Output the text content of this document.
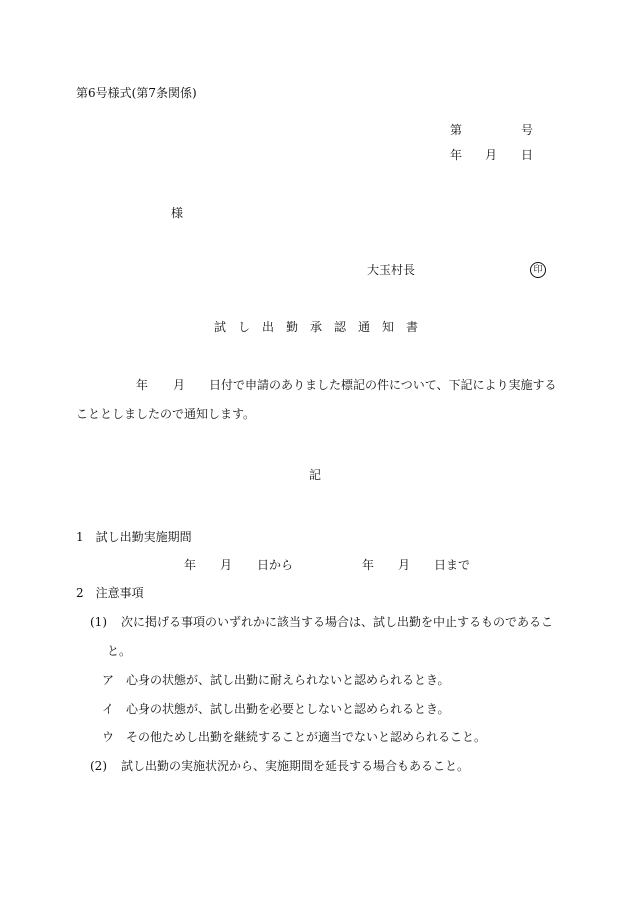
第6号様式(第7条関係)
第	号
年 月 日
様
大玉村長	印
試　し　出　勤　承　認　通　知　書
年 月 日付で申請のありました標記の件について、下記により実施する
こととしましたので通知します。
記
1　試し出勤実施期間
年 月 日から	年 月 日まで
2　注意事項
(1) 次に掲げる事項のいずれかに該当する場合は、試し出勤を中止するものであるこ
と。
ア 心身の状態が、試し出勤に耐えられないと認められるとき。
イ 心身の状態が、試し出勤を必要としないと認められるとき。
ウ その他ためし出勤を継続することが適当でないと認められること。
(2) 試し出勤の実施状況から、実施期間を延長する場合もあること。
